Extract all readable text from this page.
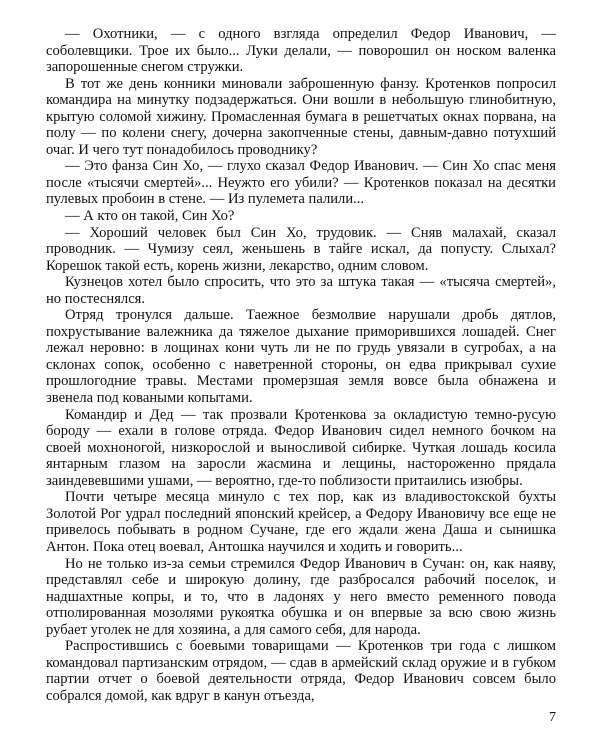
— Охотники, — с одного взгляда определил Федор Иванович, — соболевщики. Трое их было... Луки делали, — поворошил он носком валенка запорошенные снегом стружки.

В тот же день конники миновали заброшенную фанзу. Кротенков попросил командира на минутку подзадержаться. Они вошли в небольшую глинобитную, крытую соломой хижину. Промасленная бумага в решетчатых окнах порвана, на полу — по колени снегу, дочерна закопченные стены, давным-давно потухший очаг. И чего тут понадобилось проводнику?

— Это фанза Син Хо, — глухо сказал Федор Иванович. — Син Хо спас меня после «тысячи смертей»... Неужто его убили? — Кротенков показал на десятки пулевых пробоин в стене. — Из пулемета палили...

— А кто он такой, Син Хо?

— Хороший человек был Син Хо, трудовик. — Сняв малахай, сказал проводник. — Чумизу сеял, женьшень в тайге искал, да попусту. Слыхал? Корешок такой есть, корень жизни, лекарство, одним словом.

Кузнецов хотел было спросить, что это за штука такая — «тысяча смертей», но постеснялся.

Отряд тронулся дальше. Таежное безмолвие нарушали дробь дятлов, похрустывание валежника да тяжелое дыхание приморившихся лошадей. Снег лежал неровно: в лощинах кони чуть ли не по грудь увязали в сугробах, а на склонах сопок, особенно с наветренной стороны, он едва прикрывал сухие прошлогодние травы. Местами промерзшая земля вовсе была обнажена и звенела под коваными копытами.

Командир и Дед — так прозвали Кротенкова за окладистую темно-русую бороду — ехали в голове отряда. Федор Иванович сидел немного бочком на своей мохноногой, низкорослой и выносливой сибирке. Чуткая лошадь косила янтарным глазом на заросли жасмина и лещины, настороженно прядала заиндевевшими ушами, — вероятно, где-то поблизости притаились изюбры.

Почти четыре месяца минуло с тех пор, как из владивостокской бухты Золотой Рог удрал последний японский крейсер, а Федору Ивановичу все еще не привелось побывать в родном Сучане, где его ждали жена Даша и сынишка Антон. Пока отец воевал, Антошка научился и ходить и говорить...

Но не только из-за семьи стремился Федор Иванович в Сучан: он, как наяву, представлял себе и широкую долину, где разбросался рабочий поселок, и надшахтные копры, и то, что в ладонях у него вместо ременного повода отполированная мозолями рукоятка обушка и он впервые за всю свою жизнь рубает уголек не для хозяина, а для самого себя, для народа.

Распростившись с боевыми товарищами — Кротенков три года с лишком командовал партизанским отрядом, — сдав в армейский склад оружие и в губком партии отчет о боевой деятельности отряда, Федор Иванович совсем было собрался домой, как вдруг в канун отъезда,

7
